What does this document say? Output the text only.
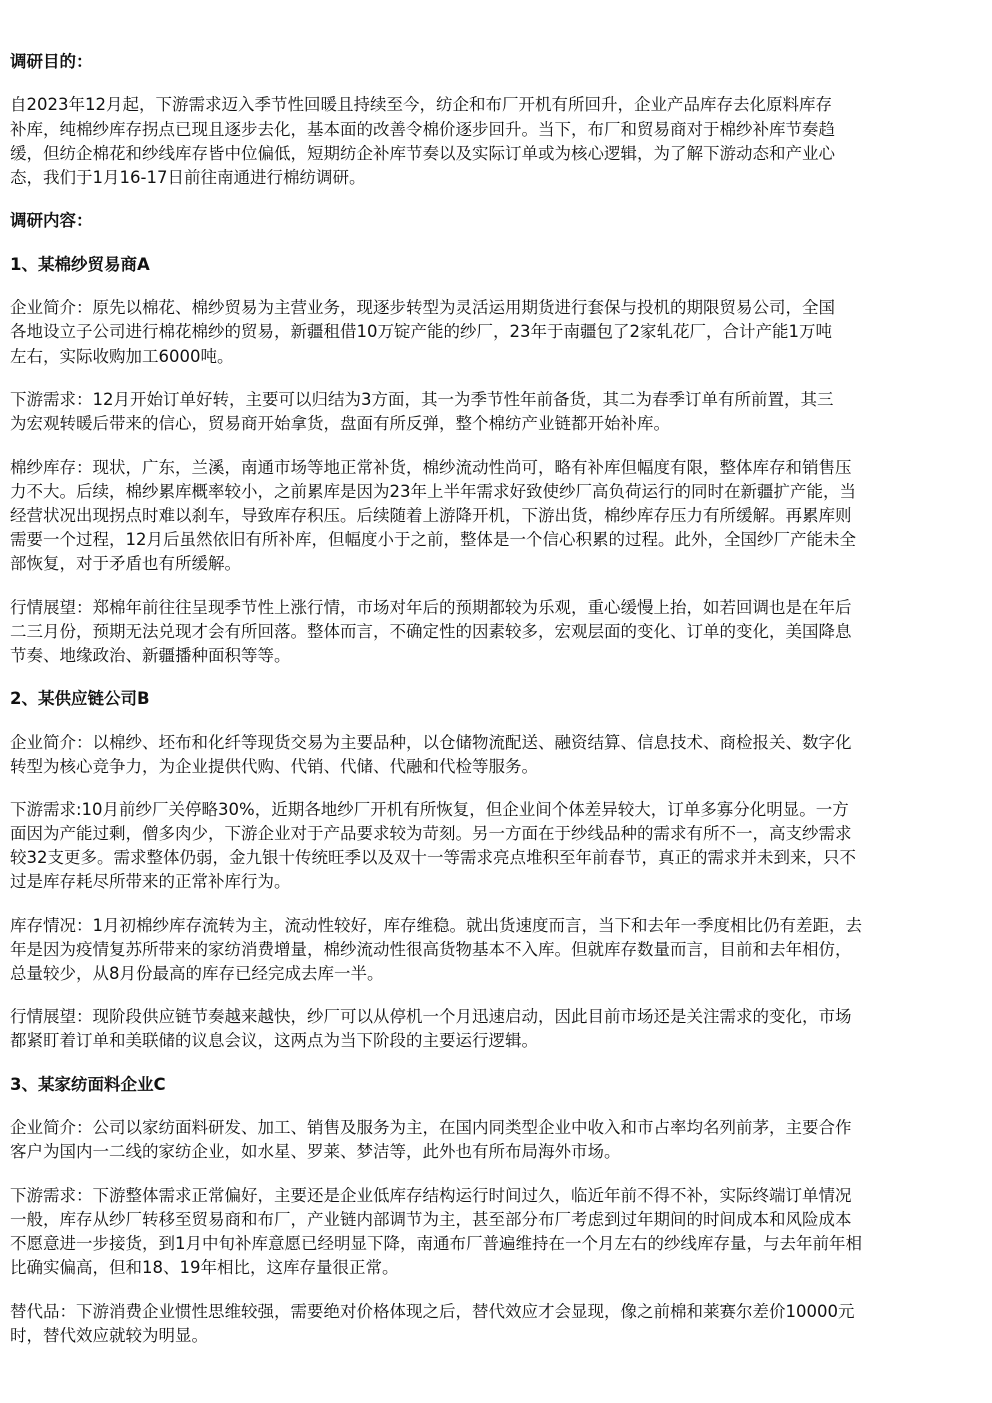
调研目的：

自2023年12月起，下游需求迈入季节性回暖且持续至今，纺企和布厂开机有所回升，企业产品库存去化原料库存

补库，纯棉纱库存拐点已现且逐步去化，基本面的改善令棉价逐步回升。当下，布厂和贸易商对于棉纱补库节奏趋

缓，但纺企棉花和纱线库存皆中位偏低，短期纺企补库节奏以及实际订单或为核心逻辑，为了解下游动态和产业心

态，我们于1月16-17日前往南通进行棉纺调研。

调研内容：

1、某棉纱贸易商A

企业简介：原先以棉花、棉纱贸易为主营业务，现逐步转型为灵活运用期货进行套保与投机的期限贸易公司，全国

各地设立子公司进行棉花棉纱的贸易，新疆租借10万锭产能的纱厂，23年于南疆包了2家轧花厂，合计产能1万吨

左右，实际收购加工6000吨。

下游需求：12月开始订单好转，主要可以归结为3方面，其一为季节性年前备货，其二为春季订单有所前置，其三

为宏观转暖后带来的信心，贸易商开始拿货，盘面有所反弹，整个棉纺产业链都开始补库。

棉纱库存：现状，广东，兰溪，南通市场等地正常补货，棉纱流动性尚可，略有补库但幅度有限，整体库存和销售压

力不大。后续，棉纱累库概率较小，之前累库是因为23年上半年需求好致使纱厂高负荷运行的同时在新疆扩产能，当

经营状况出现拐点时难以刹车，导致库存积压。后续随着上游降开机，下游出货，棉纱库存压力有所缓解。再累库则

需要一个过程，12月后虽然依旧有所补库，但幅度小于之前，整体是一个信心积累的过程。此外，全国纱厂产能未全

部恢复，对于矛盾也有所缓解。

行情展望：郑棉年前往往呈现季节性上涨行情，市场对年后的预期都较为乐观，重心缓慢上抬，如若回调也是在年后

二三月份，预期无法兑现才会有所回落。整体而言，不确定性的因素较多，宏观层面的变化、订单的变化，美国降息

节奏、地缘政治、新疆播种面积等等。

2、某供应链公司B

企业简介：以棉纱、坯布和化纤等现货交易为主要品种，以仓储物流配送、融资结算、信息技术、商检报关、数字化

转型为核心竞争力，为企业提供代购、代销、代储、代融和代检等服务。

下游需求:10月前纱厂关停略30%，近期各地纱厂开机有所恢复，但企业间个体差异较大，订单多寡分化明显。一方

面因为产能过剩，僧多肉少，下游企业对于产品要求较为苛刻。另一方面在于纱线品种的需求有所不一，高支纱需求

较32支更多。需求整体仍弱，金九银十传统旺季以及双十一等需求亮点堆积至年前春节，真正的需求并未到来，只不

过是库存耗尽所带来的正常补库行为。

库存情况：1月初棉纱库存流转为主，流动性较好，库存维稳。就出货速度而言，当下和去年一季度相比仍有差距，去

年是因为疫情复苏所带来的家纺消费增量，棉纱流动性很高货物基本不入库。但就库存数量而言，目前和去年相仿，

总量较少，从8月份最高的库存已经完成去库一半。

行情展望：现阶段供应链节奏越来越快，纱厂可以从停机一个月迅速启动，因此目前市场还是关注需求的变化，市场

都紧盯着订单和美联储的议息会议，这两点为当下阶段的主要运行逻辑。

3、某家纺面料企业C

企业简介：公司以家纺面料研发、加工、销售及服务为主，在国内同类型企业中收入和市占率均名列前茅，主要合作

客户为国内一二线的家纺企业，如水星、罗莱、梦洁等，此外也有所布局海外市场。

下游需求：下游整体需求正常偏好，主要还是企业低库存结构运行时间过久，临近年前不得不补，实际终端订单情况

一般，库存从纱厂转移至贸易商和布厂，产业链内部调节为主，甚至部分布厂考虑到过年期间的时间成本和风险成本

不愿意进一步接货，到1月中旬补库意愿已经明显下降，南通布厂普遍维持在一个月左右的纱线库存量，与去年前年相

比确实偏高，但和18、19年相比，这库存量很正常。

替代品：下游消费企业惯性思维较强，需要绝对价格体现之后，替代效应才会显现，像之前棉和莱赛尔差价10000元

时，替代效应就较为明显。
